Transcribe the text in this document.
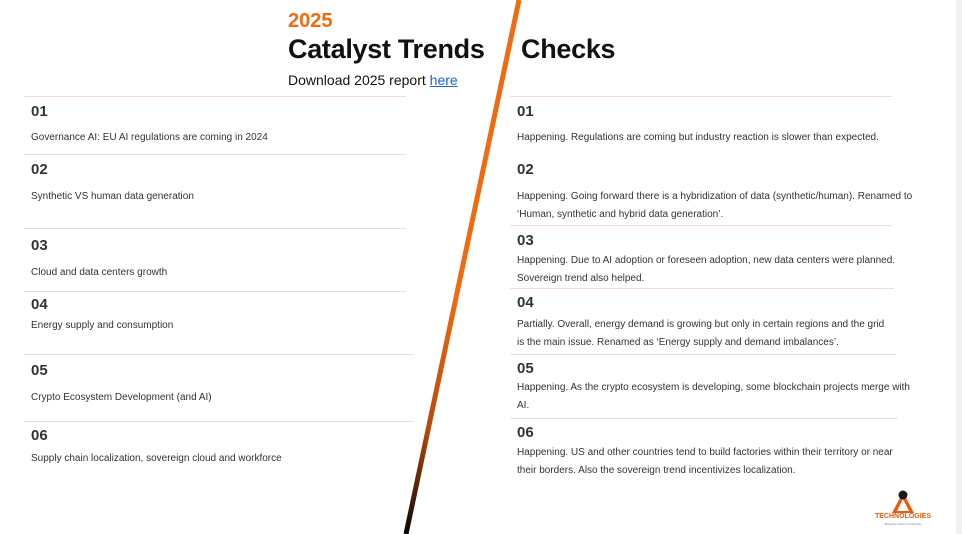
2025
Catalyst Trends Checks
Download 2025 report here
01
Governance AI: EU AI regulations are coming in 2024
02
Synthetic VS human data generation
03
Cloud and data centers growth
04
Energy supply and consumption
05
Crypto Ecosystem Development (and AI)
06
Supply chain localization, sovereign cloud and workforce
01
Happening. Regulations are coming but industry reaction is slower than expected.
02
Happening. Going forward there is a hybridization of data (synthetic/human). Renamed to ‘Human, synthetic and hybrid data generation’.
03
Happening. Due to AI adoption or foreseen adoption, new data centers were planned. Sovereign trend also helped.
04
Partially. Overall, energy demand is growing but only in certain regions and the grid is the main issue. Renamed as ‘Energy supply and demand imbalances’.
05
Happening. As the crypto ecosystem is developing, some blockchain projects merge with AI.
06
Happening. US and other countries tend to build factories within their territory or near their borders. Also the sovereign trend incentivizes localization.
TECHNOLOGIES
Bring the future to humanity
